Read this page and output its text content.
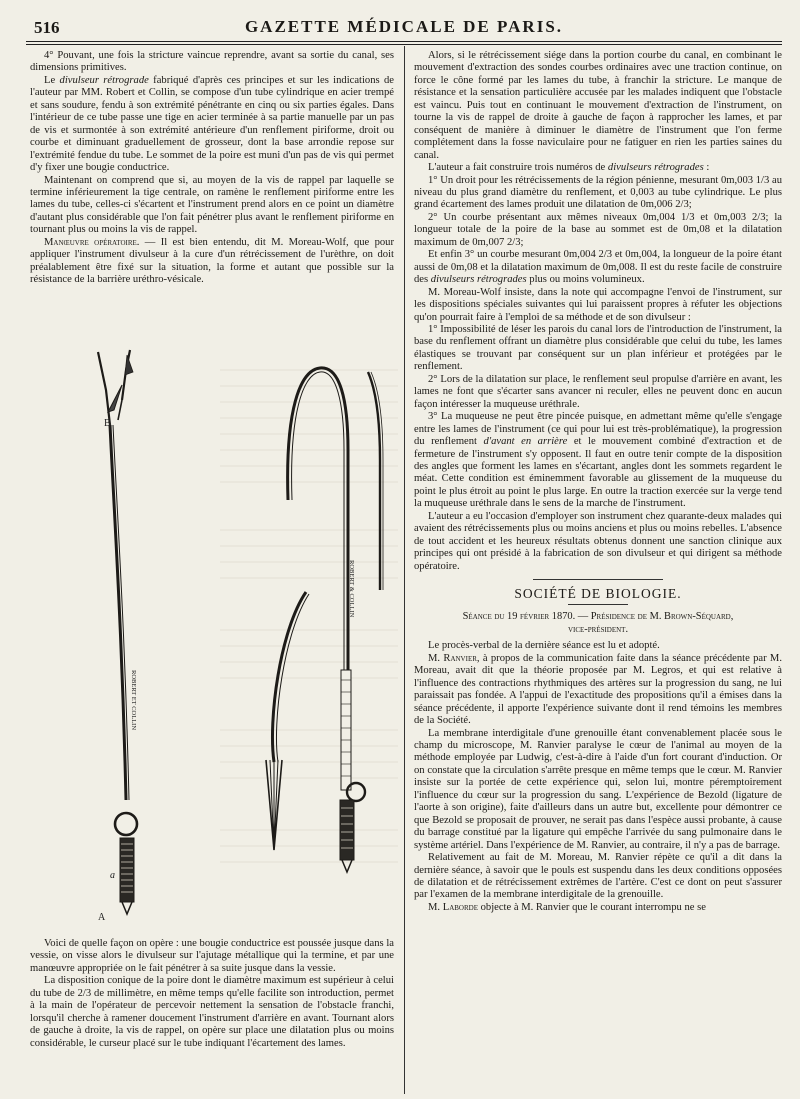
516	GAZETTE MÉDICALE DE PARIS.

4° Pouvant, une fois la stricture vaincue reprendre, avant sa sortie du canal, ses dimensions primitives.

Le divulseur rétrograde fabriqué d'après ces principes et sur les indications de l'auteur par MM. Robert et Collin, se compose d'un tube cylindrique en acier trempé et sans soudure, fendu à son extrémité pénétrante en cinq ou six parties égales. Dans l'intérieur de ce tube passe une tige en acier terminée à sa partie manuelle par un pas de vis et surmontée à son extrémité antérieure d'un renflement piriforme, droit ou courbe et diminuant graduellement de grosseur, dont la base arrondie repose sur l'extrémité fendue du tube. Le sommet de la poire est muni d'un pas de vis qui permet d'y fixer une bougie conductrice.

Maintenant on comprend que si, au moyen de la vis de rappel par laquelle se termine inférieurement la tige centrale, on ramène le renflement piriforme entre les lames du tube, celles-ci s'écartent et l'instrument prend alors en ce point un diamètre d'autant plus considérable que l'on fait pénétrer plus avant le renflement piriforme en tournant plus ou moins la vis de rappel.

Manœuvre opératoire. — Il est bien entendu, dit M. Moreau-Wolf, que pour appliquer l'instrument divulseur à la cure d'un rétrécissement de l'urèthre, on doit préalablement être fixé sur la situation, la forme et autant que possible sur la résistance de la barrière uréthro-vésicale.

B
a
A
ROBERT ET COLLIN
ROBERT & COLLIN

Voici de quelle façon on opère : une bougie conductrice est poussée jusque dans la vessie, on visse alors le divulseur sur l'ajutage métallique qui la termine, et par une manœuvre appropriée on le fait pénétrer à sa suite jusque dans la vessie.

La disposition conique de la poire dont le diamètre maximum est supérieur à celui du tube de 2/3 de millimètre, en même temps qu'elle facilite son introduction, permet à la main de l'opérateur de percevoir nettement la sensation de l'obstacle franchi, lorsqu'il cherche à ramener doucement l'instrument d'arrière en avant. Tournant alors de gauche à droite, la vis de rappel, on opère sur place une dilatation plus ou moins considérable, le curseur placé sur le tube indiquant l'écartement des lames.

Alors, si le rétrécissement siége dans la portion courbe du canal, en combinant le mouvement d'extraction des sondes courbes ordinaires avec une traction continue, on force le cône formé par les lames du tube, à franchir la stricture. Le manque de résistance et la sensation particulière accusée par les malades indiquent que l'obstacle est vaincu. Puis tout en continuant le mouvement d'extraction de l'instrument, on tourne la vis de rappel de droite à gauche de façon à rapprocher les lames, et par conséquent de manière à diminuer le diamètre de l'instrument que l'on ferme complétement dans la fosse naviculaire pour ne fatiguer en rien les parties saines du canal.

L'auteur a fait construire trois numéros de divulseurs rétrogrades :

1° Un droit pour les rétrécissements de la région pénienne, mesurant 0m,003 1/3 au niveau du plus grand diamètre du renflement, et 0,003 au tube cylindrique. Le plus grand écartement des lames produit une dilatation de 0m,006 2/3;

2° Un courbe présentant aux mêmes niveaux 0m,004 1/3 et 0m,003 2/3; la longueur totale de la poire de la base au sommet est de 0m,08 et la dilatation maximum de 0m,007 2/3;

Et enfin 3° un courbe mesurant 0m,004 2/3 et 0m,004, la longueur de la poire étant aussi de 0m,08 et la dilatation maximum de 0m,008. Il est du reste facile de construire des divulseurs rétrogrades plus ou moins volumineux.

M. Moreau-Wolf insiste, dans la note qui accompagne l'envoi de l'instrument, sur les dispositions spéciales suivantes qui lui paraissent propres à réfuter les objections qu'on pourrait faire à l'emploi de sa méthode et de son divulseur :

1° Impossibilité de léser les parois du canal lors de l'introduction de l'instrument, la base du renflement offrant un diamètre plus considérable que celui du tube, les lames élastiques se trouvant par conséquent sur un plan inférieur et protégées par le renflement.

2° Lors de la dilatation sur place, le renflement seul propulse d'arrière en avant, les lames ne font que s'écarter sans avancer ni reculer, elles ne peuvent donc en aucun façon intéresser la muqueuse uréthrale.

3° La muqueuse ne peut être pincée puisque, en admettant même qu'elle s'engage entre les lames de l'instrument (ce qui pour lui est très-problématique), la progression du renflement d'avant en arrière et le mouvement combiné d'extraction et de fermeture de l'instrument s'y opposent. Il faut en outre tenir compte de la disposition des angles que forment les lames en s'écartant, angles dont les sommets regardent le méat. Cette condition est éminemment favorable au glissement de la muqueuse du point le plus étroit au point le plus large. En outre la traction exercée sur la verge tend la muqueuse uréthrale dans le sens de la marche de l'instrument.

L'auteur a eu l'occasion d'employer son instrument chez quarante-deux malades qui avaient des rétrécissements plus ou moins anciens et plus ou moins rebelles. L'absence de tout accident et les heureux résultats obtenus donnent une sanction clinique aux principes qui ont présidé à la fabrication de son divulseur et qui dirigent sa méthode opératoire.

SOCIÉTÉ DE BIOLOGIE.

Séance du 19 février 1870. — Présidence de M. Brown-Séquard,

vice-président.

Le procès-verbal de la dernière séance est lu et adopté.

M. Ranvier, à propos de la communication faite dans la séance précédente par M. Moreau, avait dit que la théorie proposée par M. Legros, et qui est relative à l'influence des contractions rhythmiques des artères sur la progression du sang, ne lui paraissait pas fondée. A l'appui de l'exactitude des propositions qu'il a émises dans la séance précédente, il apporte l'expérience suivante dont il rend témoins les membres de la Société.

La membrane interdigitale d'une grenouille étant convenablement placée sous le champ du microscope, M. Ranvier paralyse le cœur de l'animal au moyen de la méthode employée par Ludwig, c'est-à-dire à l'aide d'un fort courant d'induction. Or on constate que la circulation s'arrête presque en même temps que le cœur. M. Ranvier insiste sur la portée de cette expérience qui, selon lui, montre péremptoirement l'influence du cœur sur la progression du sang. L'expérience de Bezold (ligature de l'aorte à son origine), faite d'ailleurs dans un autre but, excellente pour démontrer ce que Bezold se proposait de prouver, ne serait pas dans l'espèce aussi probante, à cause du barrage constitué par la ligature qui empêche l'arrivée du sang pulmonaire dans le système artériel. Dans l'expérience de M. Ranvier, au contraire, il n'y a pas de barrage.

Relativement au fait de M. Moreau, M. Ranvier répète ce qu'il a dit dans la dernière séance, à savoir que le pouls est suspendu dans les deux conditions opposées de dilatation et de rétrécissement extrêmes de l'artère. C'est ce dont on peut s'assurer par l'examen de la membrane interdigitale de la grenouille.

M. Laborde objecte à M. Ranvier que le courant interrompu ne se
